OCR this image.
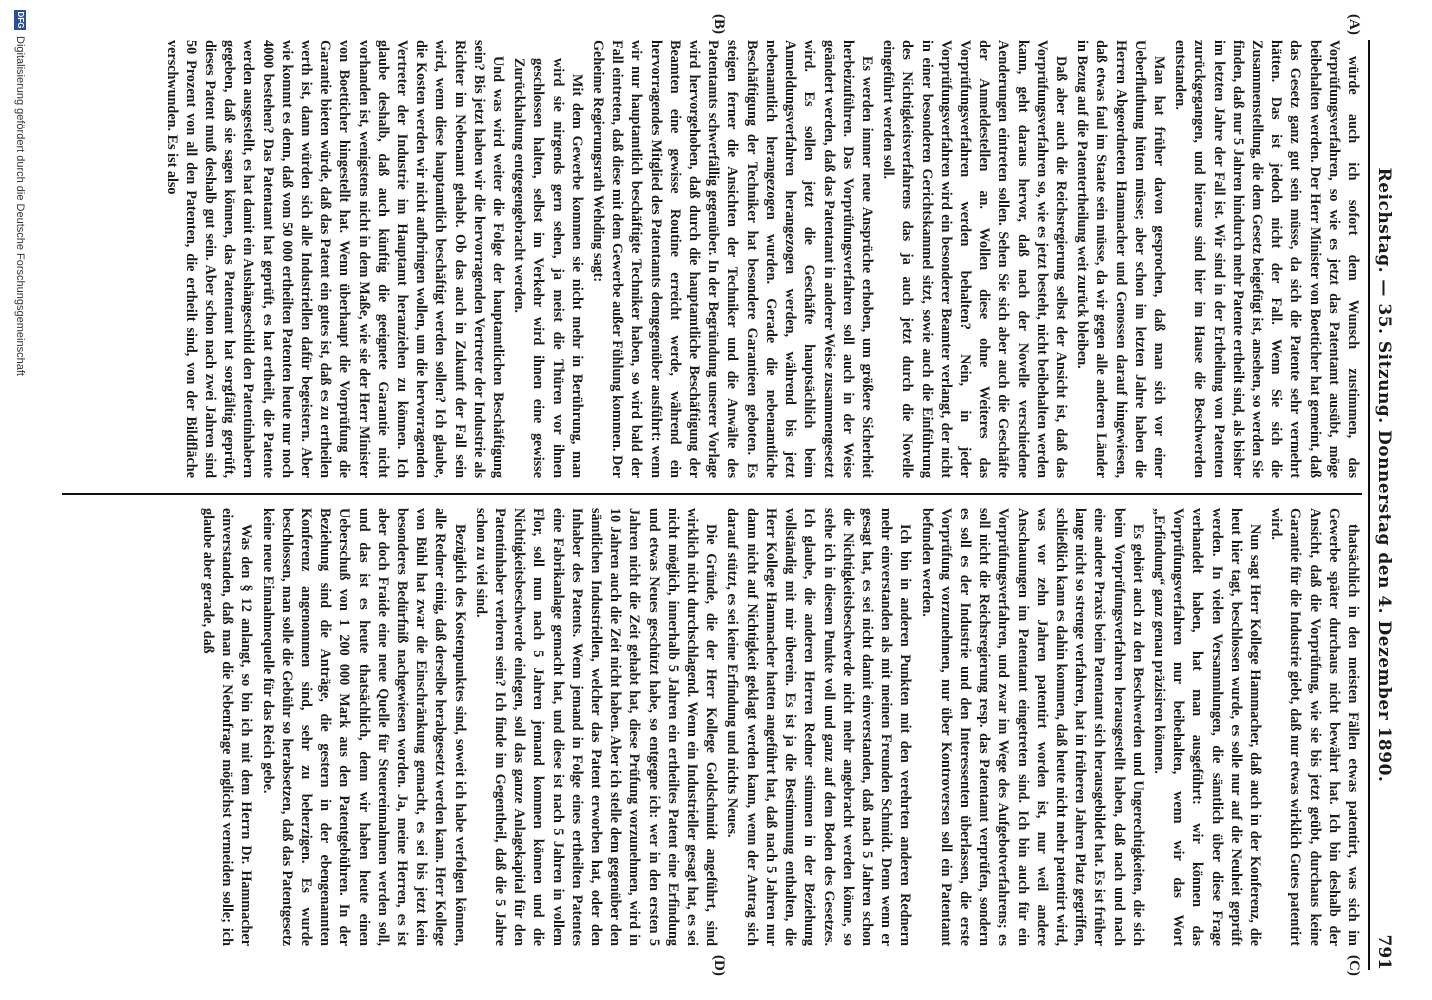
Reichstag. — 35. Sitzung. Donnerstag den 4. Dezember 1890.
791

würde auch ich sofort dem Wunsch zustimmen, das Vorprüfungsverfahren, so wie es jetzt das Patentamt ausübt, möge beibehalten werden. Der Herr Minister von Boetticher hat gemeint, daß das Gesetz ganz gut sein müsse, da sich die Patente sehr vermehrt hätten. Das ist jedoch nicht der Fall. Wenn Sie sich die Zusammenstellung, die dem Gesetz beigefügt ist, ansehen, so werden Sie finden, daß nur 5 Jahren hindurch mehr Patente ertheilt sind, als bisher im letzten Jahre der Fall ist. Wir sind in der Ertheilung von Patenten zurückgegangen, und hieraus sind hier im Hause die Beschwerden entstanden.

Man hat früher davon gesprochen, daß man sich vor einer Ueberfluthung hüten müsse; aber schon im letzten Jahre haben die Herren Abgeordneten Hammacher und Genossen darauf hingewiesen, daß etwas faul im Staate sein müsse, da wir gegen alle anderen Länder in Bezug auf die Patentertheilung weit zurück bleiben.

Daß aber auch die Reichsregierung selbst der Ansicht ist, daß das Vorprüfungsverfahren so, wie es jetzt besteht, nicht beibehalten werden kann, geht daraus hervor, daß nach der Novelle verschiedene Aenderungen eintreten sollen. Sehen Sie sich aber auch die Geschäfte der Anmeldestellen an. Wollen diese ohne Weiteres das Vorprüfungsverfahren werden behalten? Nein, in jeder Vorprüfungsverfahren wird ein besonderer Beamter verlangt, der nicht in einer besonderen Gerichtskammel sitzt, sowie auch die Einführung des Nichtigkeitsverfahrens das ja auch jetzt durch die Novelle eingeführt werden soll.

Es werden immer neue Ansprüche erhoben, um größere Sicherheit herbeizuführen. Das Vorprüfungsverfahren soll auch in der Weise geändert werden, daß das Patentamt in anderer Weise zusammengesetzt wird. Es sollen jetzt die Geschäfte hauptsächlich beim Anmeldungsverfahren herangezogen werden, während bis jetzt nebenamtlich herangezogen wurden. Gerade die nebenamtliche Beschäftigung der Techniker hat besondere Garantieen geboten. Es steigen ferner die Ansichten der Techniker und die Anwälte des Patentamts schwerfällig gegenüber. In der Begründung unserer Vorlage wird hervorgehoben, daß durch die hauptamtliche Beschäftigung der Beamten eine gewisse Routine erreicht werde, während ein hervorragendes Mitglied des Patentamts demgegenüber ausführt: wenn wir nur hauptamtlich beschäftigte Techniker haben, so wird bald der Fall eintreten, daß diese mit dem Gewerbe außer Fühlung kommen. Der Geheime Regierungsrath Wehding sagt:

Mit dem Gewerbe kommen sie nicht mehr in Berührung, man wird sie nirgends gern sehen, ja meist die Thüren vor ihnen geschlossen halten, selbst im Verkehr wird ihnen eine gewisse Zurückhaltung entgegengebracht werden.

Und was wird weiter die Folge der hauptamtlichen Beschäftigung sein? Bis jetzt haben wir die hervorragenden Vertreter der Industrie als Richter im Nebenamt gehabt. Ob das auch in Zukunft der Fall sein wird, wenn diese hauptamtlich beschäftigt werden sollen? Ich glaube, die Kosten werden wir nicht aufbringen wollen, um die hervorragenden Vertreter der Industrie im Hauptamt heranziehen zu können. Ich glaube deshalb, daß auch künftig die geeignete Garantie nicht vorhanden ist, wenigstens nicht in dem Maße, wie sie der Herr Minister von Boetticher hingestellt hat. Wenn überhaupt die Vorprüfung die Garantie bieten würde, daß das Patent ein gutes ist, daß es zu ertheilen werth ist, dann würden sich alle Industriellen dafür begeistern. Aber wie kommt es denn, daß vom 50 000 ertheilten Patenten heute nur noch 4000 bestehen? Das Patentamt hat geprüft, es hat ertheilt, die Patente werden ausgestellt, es hat damit ein Aushängeschild den Patentinhabern gegeben, daß sie sagen können, das Patentamt hat sorgfältig geprüft, dieses Patent muß deshalb gut sein. Aber schon nach zwei Jahren sind 50 Prozent von all den Patenten, die ertheilt sind, von der Bildfläche verschwunden. Es ist also

thatsächlich in den meisten Fällen etwas patentirt, was sich im Gewerbe später durchaus nicht bewährt hat. Ich bin deshalb der Ansicht, daß die Vorprüfung, wie sie bis jetzt geübt, durchaus keine Garantie für die Industrie giebt, daß nur etwas wirklich Gutes patentirt wird.

Nun sagt Herr Kollege Hammacher, daß auch in der Konferenz, die heut hier tagt, beschlossen wurde, es solle nur auf die Neuheit geprüft werden. In vielen Versammlungen, die sämtlich über diese Frage verhandelt haben, hat man ausgeführt: wir können das Vorprüfungsverfahren nur beibehalten, wenn wir das Wort „Erfindung“ ganz genau präzisiren können.

Es gehört auch zu den Beschwerden und Ungerechtigkeiten, die sich beim Vorprüfungsverfahren herausgestellt haben, daß nach und nach eine andere Praxis beim Patentamt sich herausgebildet hat. Es ist früher lange nicht so strenge verfahren, hat in früheren Jahren Platz gegriffen, schließlich kann es dahin kommen, daß heute nicht mehr patentirt wird, was vor zehn Jahren patentirt worden ist, nur weil andere Anschauungen im Patentamt eingetreten sind. Ich bin auch für ein Vorprüfungsverfahren, und zwar im Wege des Aufgebotverfahrens; es soll nicht die Reichsregierung resp. das Patentamt verprüfen, sondern es soll es der Industrie und den Interessenten überlassen, die erste Vorprüfung vorzunehmen, nur über Kontroversen soll ein Patentamt befunden werden.

Ich bin in anderen Punkten mit den verehrten anderen Rednern mehr einverstanden als mit meinen Freunden Schmidt. Denn wenn er gesagt hat, es sei nicht damit einverstanden, daß nach 5 Jahren schon die Nichtigkeitsbeschwerde nicht mehr angebracht werden könne, so stehe ich in diesem Punkte voll und ganz auf dem Boden des Gesetzes. Ich glaube, die anderen Herren Redner stimmen in der Beziehung vollständig mit mir überein. Es ist ja die Bestimmung enthalten, die Herr Kollege Hammacher hatten angeführt hat, daß nach 5 Jahren nur dann nicht auf Nichtigkeit geklagt werden kann, wenn der Antrag sich darauf stützt, es sei keine Erfindung und nichts Neues.

Die Gründe, die der Herr Kollege Goldschmidt angeführt, sind wirklich nicht durchschlagend. Wenn ein Industrieller gesagt hat, es sei nicht möglich, innerhalb 5 Jahren ein ertheiltes Patent eine Erfindung und etwas Neues geschützt habe, so entgegne ich: wer in den ersten 5 Jahren nicht die Zeit gehabt hat, diese Prüfung vorzunehmen, wird in 10 Jahren auch die Zeit nicht haben. Aber ich stelle dem gegenüber den sämtlichen Industriellen, welcher das Patent erworben hat, oder den Inhaber des Patents. Wenn jemand in Folge eines ertheilten Patentes eine Fabrikanlage gemacht hat, und diese ist nach 5 Jahren in vollem Flor, soll nun nach 5 Jahren jemand kommen können und die Nichtigkeitsbeschwerde einlegen, soll das ganze Anlagekapital für den Patentinhaber verloren sein? Ich finde im Gegentheil, daß die 5 Jahre schon zu viel sind.

Bezüglich des Kostenpunktes sind, soweit ich habe verfolgen können, alle Redner einig, daß derselbe herabgesetzt werden kann. Herr Kollege von Bühl hat zwar die Einschränkung gemacht, es sei bis jetzt kein besonderes Bedürfniß nachgewiesen worden. Ja, meine Herren, es ist aber doch Fraide eine neue Quelle für Steuereinnahmen werden soll, und das ist es heute thatsächlich, denn wir haben heute einen Ueberschuß von 1 200 000 Mark aus den Patentgebühren. In der Beziehung sind die Anträge, die gestern in der ebengenannten Konferenz angenommen sind, sehr zu beherzigen. Es wurde beschlossen, man solle die Gebühr so herabsetzen, daß das Patentgesetz keine neue Einnahmequelle für das Reich gebe.

Was den § 12 anlangt, so bin ich mit dem Herrn Dr. Hammacher einverstanden, daß man die Nebenfrage möglichst vermeiden solle; ich glaube aber gerade, daß

(A)
(B)
(C)
(D)
DFG
Digitalisierung gefördert durch die Deutsche Forschungsgemeinschaft
